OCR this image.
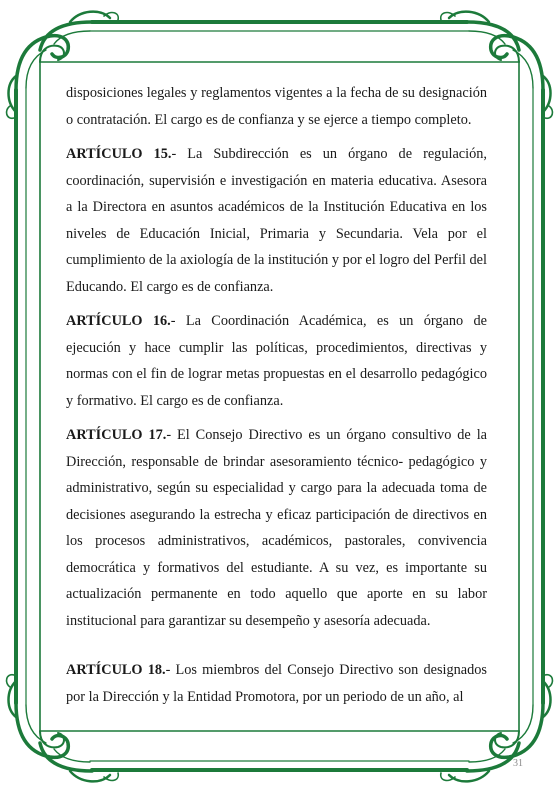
disposiciones legales y reglamentos vigentes a la fecha de su designación o contratación. El cargo es de confianza y se ejerce a tiempo completo.

ARTÍCULO 15.- La Subdirección es un órgano de regulación, coordinación, supervisión e investigación en materia educativa. Asesora a la Directora en asuntos académicos de la Institución Educativa en los niveles de Educación Inicial, Primaria y Secundaria. Vela por el cumplimiento de la axiología de la institución y por el logro del Perfil del Educando. El cargo es de confianza.

ARTÍCULO 16.- La Coordinación Académica, es un órgano de ejecución y hace cumplir las políticas, procedimientos, directivas y normas con el fin de lograr metas propuestas en el desarrollo pedagógico y formativo. El cargo es de confianza.

ARTÍCULO 17.- El Consejo Directivo es un órgano consultivo de la Dirección, responsable de brindar asesoramiento técnico- pedagógico y administrativo, según su especialidad y cargo para la adecuada toma de decisiones asegurando la estrecha y eficaz participación de directivos en los procesos administrativos, académicos, pastorales, convivencia democrática y formativos del estudiante. A su vez, es importante su actualización permanente en todo aquello que aporte en su labor institucional para garantizar su desempeño y asesoría adecuada.

ARTÍCULO 18.- Los miembros del Consejo Directivo son designados por la Dirección y la Entidad Promotora, por un periodo de un año, al

31
